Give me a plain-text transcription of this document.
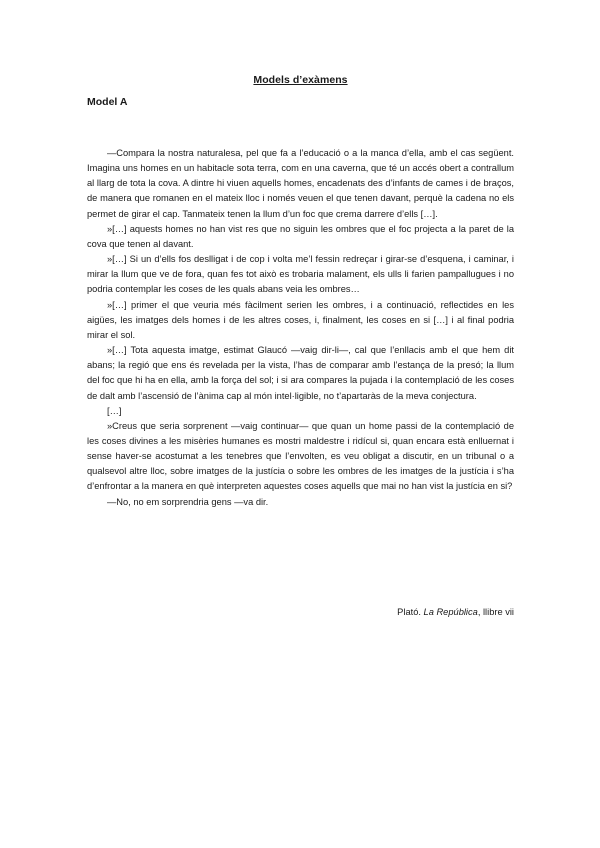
Models d’exàmens
Model A

—Compara la nostra naturalesa, pel que fa a l’educació o a la manca d’ella, amb el cas següent. Imagina uns homes en un habitacle sota terra, com en una caverna, que té un accés obert a contrallum al llarg de tota la cova. A dintre hi viuen aquells homes, encadenats des d’infants de cames i de braços, de manera que romanen en el mateix lloc i només veuen el que tenen davant, perquè la cadena no els permet de girar el cap. Tanmateix tenen la llum d’un foc que crema darrere d’ells […].

»[…] aquests homes no han vist res que no siguin les ombres que el foc projecta a la paret de la cova que tenen al davant.

»[…] Si un d’ells fos deslligat i de cop i volta me’l fessin redreçar i girar-se d’esquena, i caminar, i mirar la llum que ve de fora, quan fes tot això es trobaria malament, els ulls li farien pampallugues i no podria contemplar les coses de les quals abans veia les ombres…

»[…] primer el que veuria més fàcilment serien les ombres, i a continuació, reflectides en les aigües, les imatges dels homes i de les altres coses, i, finalment, les coses en si […] i al final podria mirar el sol.

»[…] Tota aquesta imatge, estimat Glaucó —vaig dir-li—, cal que l’enllacis amb el que hem dit abans; la regió que ens és revelada per la vista, l’has de comparar amb l’estança de la presó; la llum del foc que hi ha en ella, amb la força del sol; i si ara compares la pujada i la contemplació de les coses de dalt amb l’ascensió de l’ànima cap al món intel·ligible, no t’apartaràs de la meva conjectura.

[…]

»Creus que seria sorprenent —vaig continuar— que quan un home passi de la contemplació de les coses divines a les misèries humanes es mostri maldestre i ridícul si, quan encara està enlluernat i sense haver-se acostumat a les tenebres que l’envolten, es veu obligat a discutir, en un tribunal o a qualsevol altre lloc, sobre imatges de la justícia o sobre les ombres de les imatges de la justícia i s’ha d’enfrontar a la manera en què interpreten aquestes coses aquells que mai no han vist la justícia en si?

—No, no em sorprendria gens —va dir.

Plató. La República, llibre vii
